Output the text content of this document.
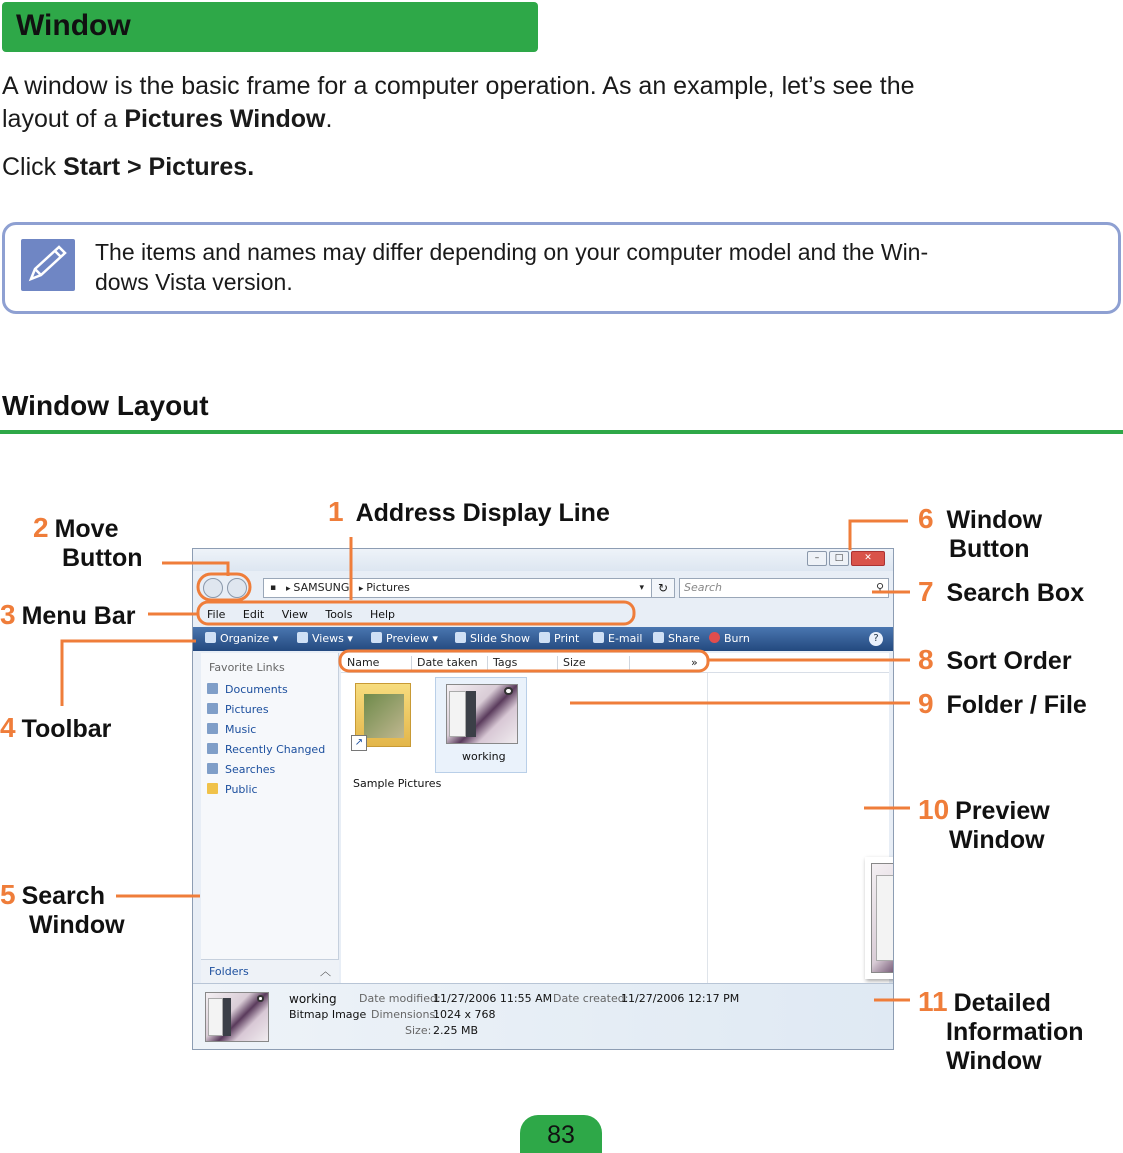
Window
A window is the basic frame for a computer operation. As an example, let’s see the
layout of a Pictures Window.
Click Start > Pictures.
The items and names may differ depending on your computer model and the Win-
dows Vista version.
Window Layout
–	□	✕
▪ ▸ SAMSUNG ▸ Pictures	▾	↻	Search	⚲
File Edit View Tools Help
Organize ▾	Views ▾	Preview ▾	Slide Show	Print	E-mail	Share	Burn	?
Favorite Links
Documents
Pictures
Music
Recently Changed
Searches
Public
Folders	︿
Name	Date taken Tags	Size	»
↗
Sample Pictures
working
working
Bitmap Image
Date modified:
11/27/2006 11:55 AM
Dimensions:
1024 x 768
Size: 2.25 MB
Date created:
11/27/2006 12:17 PM
1 Address Display Line
2 Move
Button
3 Menu Bar
4 Toolbar
5 Search
Window
6 Window
Button
7 Search Box
8 Sort Order
9 Folder / File
10 Preview
Window
11 Detailed
Information
Window
83
